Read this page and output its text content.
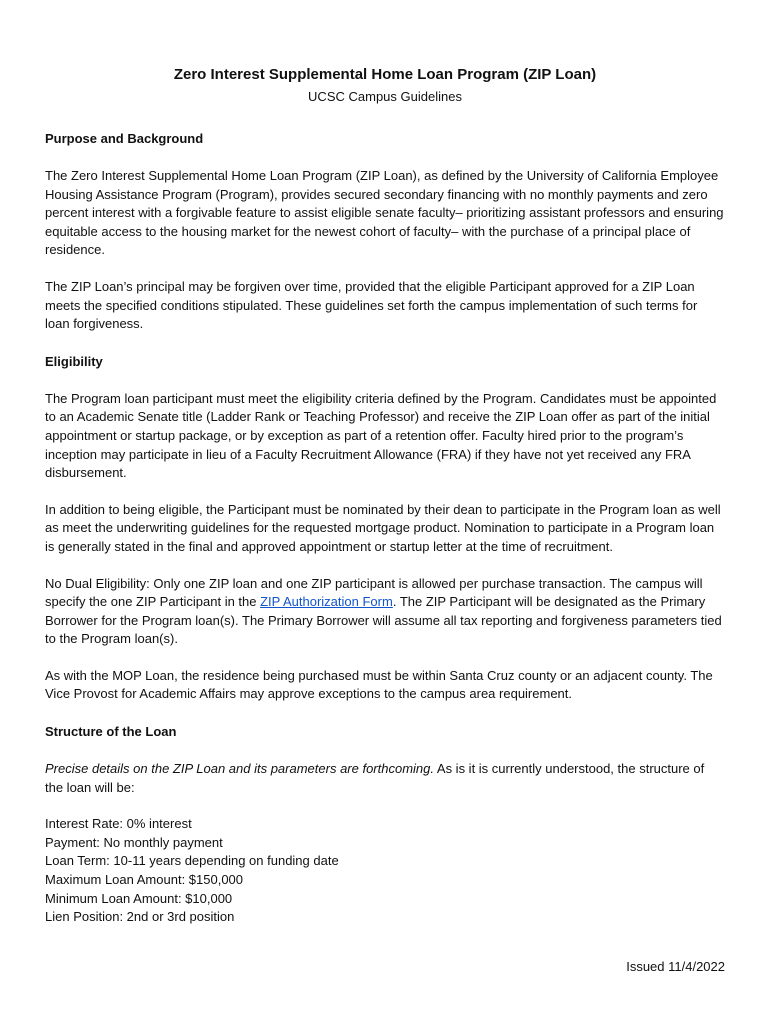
Zero Interest Supplemental Home Loan Program (ZIP Loan)
UCSC Campus Guidelines
Purpose and Background

The Zero Interest Supplemental Home Loan Program (ZIP Loan), as defined by the University of California Employee Housing Assistance Program (Program), provides secured secondary financing with no monthly payments and zero percent interest with a forgivable feature to assist eligible senate faculty– prioritizing assistant professors and ensuring equitable access to the housing market for the newest cohort of faculty– with the purchase of a principal place of residence.

The ZIP Loan’s principal may be forgiven over time, provided that the eligible Participant approved for a ZIP Loan meets the specified conditions stipulated. These guidelines set forth the campus implementation of such terms for loan forgiveness.

Eligibility

The Program loan participant must meet the eligibility criteria defined by the Program. Candidates must be appointed to an Academic Senate title (Ladder Rank or Teaching Professor) and receive the ZIP Loan offer as part of the initial appointment or startup package, or by exception as part of a retention offer. Faculty hired prior to the program’s inception may participate in lieu of a Faculty Recruitment Allowance (FRA) if they have not yet received any FRA disbursement.

In addition to being eligible, the Participant must be nominated by their dean to participate in the Program loan as well as meet the underwriting guidelines for the requested mortgage product. Nomination to participate in a Program loan is generally stated in the final and approved appointment or startup letter at the time of recruitment.

No Dual Eligibility: Only one ZIP loan and one ZIP participant is allowed per purchase transaction. The campus will specify the one ZIP Participant in the ZIP Authorization Form. The ZIP Participant will be designated as the Primary Borrower for the Program loan(s). The Primary Borrower will assume all tax reporting and forgiveness parameters tied to the Program loan(s).

As with the MOP Loan, the residence being purchased must be within Santa Cruz county or an adjacent county. The Vice Provost for Academic Affairs may approve exceptions to the campus area requirement.

Structure of the Loan

Precise details on the ZIP Loan and its parameters are forthcoming. As is it is currently understood, the structure of the loan will be:

Interest Rate: 0% interest
Payment: No monthly payment
Loan Term: 10-11 years depending on funding date
Maximum Loan Amount: $150,000
Minimum Loan Amount: $10,000
Lien Position: 2nd or 3rd position
Issued 11/4/2022
